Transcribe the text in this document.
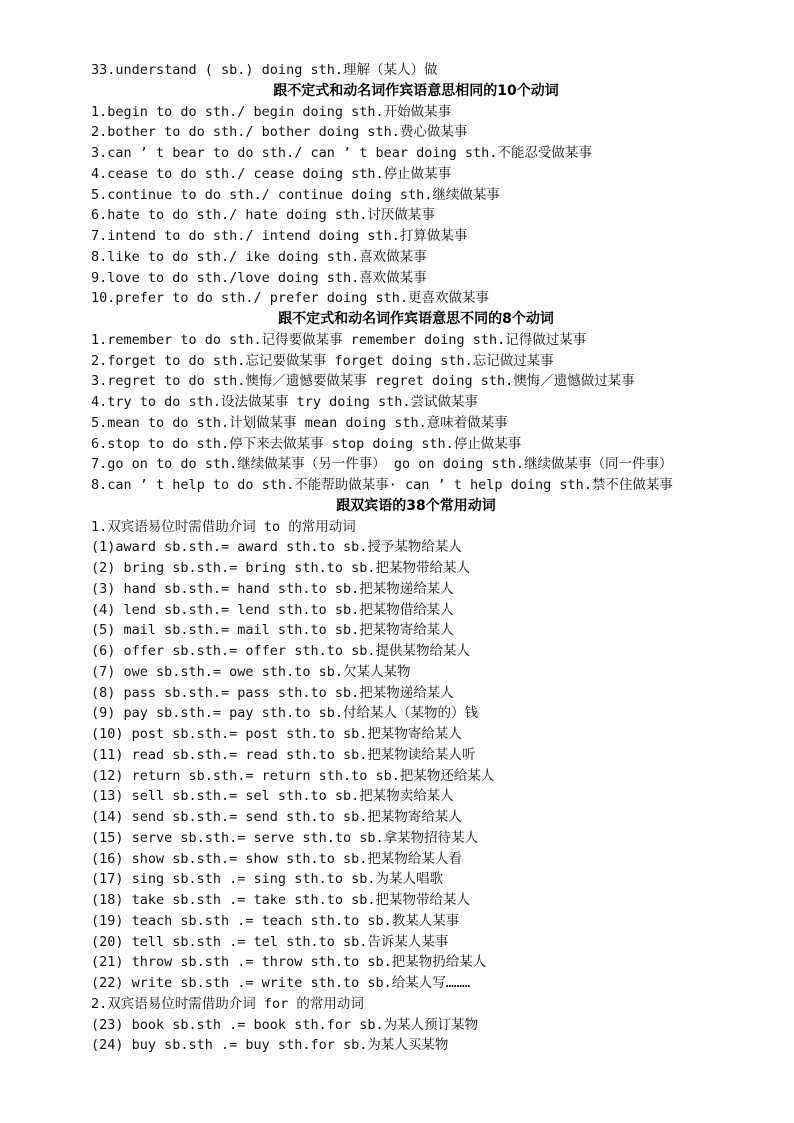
33.understand ( sb.) doing sth.理解（某人）做
跟不定式和动名词作宾语意思相同的10个动词
1.begin to do sth./ begin doing sth.开始做某事
2.bother to do sth./ bother doing sth.费心做某事
3.can ’ t bear to do sth./ can ’ t bear doing sth.不能忍受做某事
4.cease to do sth./ cease doing sth.停止做某事
5.continue to do sth./ continue doing sth.继续做某事
6.hate to do sth./ hate doing sth.讨厌做某事
7.intend to do sth./ intend doing sth.打算做某事
8.like to do sth./ ike doing sth.喜欢做某事
9.love to do sth./love doing sth.喜欢做某事
10.prefer to do sth./ prefer doing sth.更喜欢做某事
跟不定式和动名词作宾语意思不同的8个动词
1.remember to do sth.记得要做某事 remember doing sth.记得做过某事
2.forget to do sth.忘记要做某事 forget doing sth.忘记做过某事
3.regret to do sth.懊悔／遗憾要做某事 regret doing sth.懊悔／遗憾做过某事
4.try to do sth.设法做某事 try doing sth.尝试做某事
5.mean to do sth.计划做某事 mean doing sth.意味着做某事
6.stop to do sth.停下来去做某事 stop doing sth.停止做某事
7.go on to do sth.继续做某事（另一件事） go on doing sth.继续做某事（同一件事）
8.can ’ t help to do sth.不能帮助做某事· can ’ t help doing sth.禁不住做某事
跟双宾语的38个常用动词
1.双宾语易位时需借助介词 to 的常用动词
(1)award sb.sth.= award sth.to sb.授予某物给某人
(2) bring sb.sth.= bring sth.to sb.把某物带给某人
(3) hand sb.sth.= hand sth.to sb.把某物递给某人
(4) lend sb.sth.= lend sth.to sb.把某物借给某人
(5) mail sb.sth.= mail sth.to sb.把某物寄给某人
(6) offer sb.sth.= offer sth.to sb.提供某物给某人
(7) owe sb.sth.= owe sth.to sb.欠某人某物
(8) pass sb.sth.= pass sth.to sb.把某物递给某人
(9) pay sb.sth.= pay sth.to sb.付给某人（某物的）钱
(10) post sb.sth.= post sth.to sb.把某物寄给某人
(11) read sb.sth.= read sth.to sb.把某物读给某人听
(12) return sb.sth.= return sth.to sb.把某物还给某人
(13) sell sb.sth.= sel sth.to sb.把某物卖给某人
(14) send sb.sth.= send sth.to sb.把某物寄给某人
(15) serve sb.sth.= serve sth.to sb.拿某物招待某人
(16) show sb.sth.= show sth.to sb.把某物给某人看
(17) sing sb.sth .= sing sth.to sb.为某人唱歌
(18) take sb.sth .= take sth.to sb.把某物带给某人
(19) teach sb.sth .= teach sth.to sb.教某人某事
(20) tell sb.sth .= tel sth.to sb.告诉某人某事
(21) throw sb.sth .= throw sth.to sb.把某物扔给某人
(22) write sb.sth .= write sth.to sb.给某人写………
2.双宾语易位时需借助介词 for 的常用动词
(23) book sb.sth .= book sth.for sb.为某人预订某物
(24) buy sb.sth .= buy sth.for sb.为某人买某物
